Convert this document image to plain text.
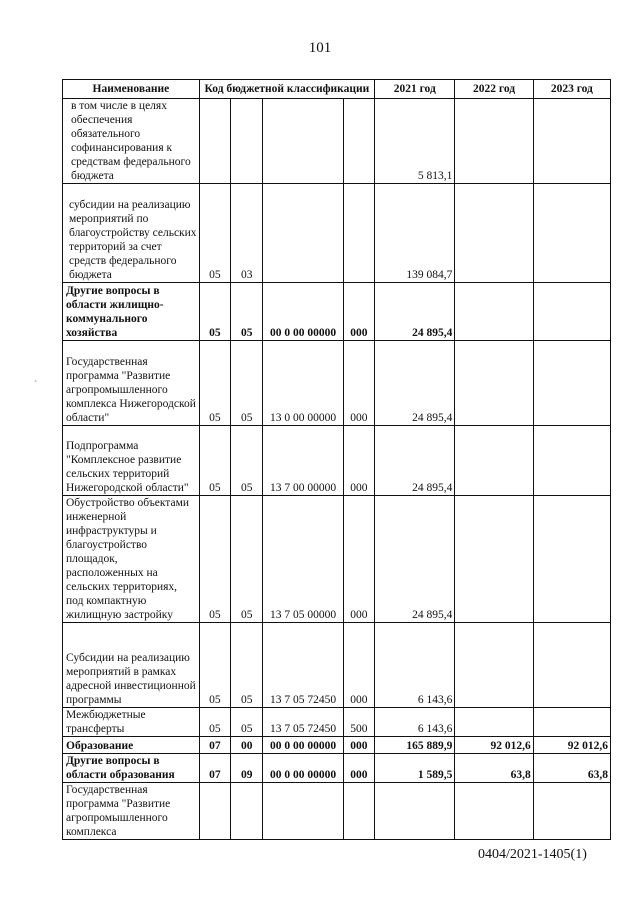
101
`
Наименование	Код бюджетной классификации				2021 год	2022 год	2023 год
в том числе в целях обеспечения обязательного софинансирования к средствам федерального бюджета					5 813,1		
субсидии на реализацию мероприятий по благоустройству сельских территорий за счет средств федерального бюджета	05	03			139 084,7		
Другие вопросы в области жилищно-коммунального хозяйства	05	05	00 0 00 00000	000	24 895,4		
Государственная программа "Развитие агропромышленного комплекса Нижегородской области"	05	05	13 0 00 00000	000	24 895,4		
Подпрограмма "Комплексное развитие сельских территорий Нижегородской области"	05	05	13 7 00 00000	000	24 895,4		
Обустройство объектами инженерной инфраструктуры и благоустройство площадок, расположенных на сельских территориях, под компактную жилищную застройку	05	05	13 7 05 00000	000	24 895,4		
Субсидии на реализацию мероприятий в рамках адресной инвестиционной программы	05	05	13 7 05 72450	000	6 143,6		
Межбюджетные трансферты	05	05	13 7 05 72450	500	6 143,6		
Образование	07	00	00 0 00 00000	000	165 889,9	92 012,6	92 012,6
Другие вопросы в области образования	07	09	00 0 00 00000	000	1 589,5	63,8	63,8
Государственная программа "Развитие агропромышленного комплекса							
0404/2021-1405(1)
